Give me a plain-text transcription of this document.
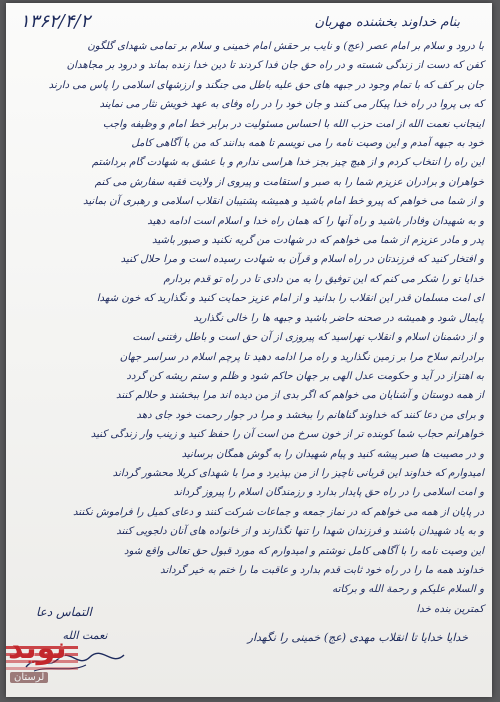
۱۳۶۲/۴/۲	بنام خداوند بخشنده مهربان

با درود و سلام بر امام عصر (عج) و نایب بر حقش امام خمینی و سلام بر تمامی شهدای گلگون

کفن که دست از زندگی شسته و در راه حق جان فدا کردند تا دین خدا زنده بماند و درود بر مجاهدان

جان بر کف که با تمام وجود در جبهه های حق علیه باطل می جنگند و ارزشهای اسلامی را پاس می دارند

که بی پروا در راه خدا پیکار می کنند و جان خود را در راه وفای به عهد خویش نثار می نمایند

اینجانب نعمت الله از امت حزب الله با احساس مسئولیت در برابر خط امام و وظیفه واجب

خود به جبهه آمدم و این وصیت نامه را می نویسم تا همه بدانند که من با آگاهی کامل

این راه را انتخاب کردم و از هیچ چیز بجز خدا هراسی ندارم و با عشق به شهادت گام برداشتم

خواهران و برادران عزیزم شما را به صبر و استقامت و پیروی از ولایت فقیه سفارش می کنم

و از شما می خواهم که پیرو خط امام باشید و همیشه پشتیبان انقلاب اسلامی و رهبری آن بمانید

و به شهیدان وفادار باشید و راه آنها را که همان راه خدا و اسلام است ادامه دهید

پدر و مادر عزیزم از شما می خواهم که در شهادت من گریه نکنید و صبور باشید

و افتخار کنید که فرزندتان در راه اسلام و قرآن به شهادت رسیده است و مرا حلال کنید

خدایا تو را شکر می کنم که این توفیق را به من دادی تا در راه تو قدم بردارم

ای امت مسلمان قدر این انقلاب را بدانید و از امام عزیز حمایت کنید و نگذارید که خون شهدا

پایمال شود و همیشه در صحنه حاضر باشید و جبهه ها را خالی نگذارید

و از دشمنان اسلام و انقلاب نهراسید که پیروزی از آن حق است و باطل رفتنی است

برادرانم سلاح مرا بر زمین نگذارید و راه مرا ادامه دهید تا پرچم اسلام در سراسر جهان

به اهتزاز در آید و حکومت عدل الهی بر جهان حاکم شود و ظلم و ستم ریشه کن گردد

از همه دوستان و آشنایان می خواهم که اگر بدی از من دیده اند مرا ببخشند و حلالم کنند

و برای من دعا کنند که خداوند گناهانم را ببخشد و مرا در جوار رحمت خود جای دهد

خواهرانم حجاب شما کوبنده تر از خون سرخ من است آن را حفظ کنید و زینب وار زندگی کنید

و در مصیبت ها صبر پیشه کنید و پیام شهیدان را به گوش همگان برسانید

امیدوارم که خداوند این قربانی ناچیز را از من بپذیرد و مرا با شهدای کربلا محشور گرداند

و امت اسلامی را در راه حق پایدار بدارد و رزمندگان اسلام را پیروز گرداند

در پایان از همه می خواهم که در نماز جمعه و جماعات شرکت کنند و دعای کمیل را فراموش نکنند

و به یاد شهیدان باشند و فرزندان شهدا را تنها نگذارند و از خانواده های آنان دلجویی کنند

این وصیت نامه را با آگاهی کامل نوشتم و امیدوارم که مورد قبول حق تعالی واقع شود

خداوند همه ما را در راه خود ثابت قدم بدارد و عاقبت ما را ختم به خیر گرداند

و السلام علیکم و رحمة الله و برکاته

کمترین بنده خدا

التماس دعا
نعمت الله	خدایا خدایا تا انقلاب مهدی (عج) خمینی را نگهدار
نوید
لرستان
